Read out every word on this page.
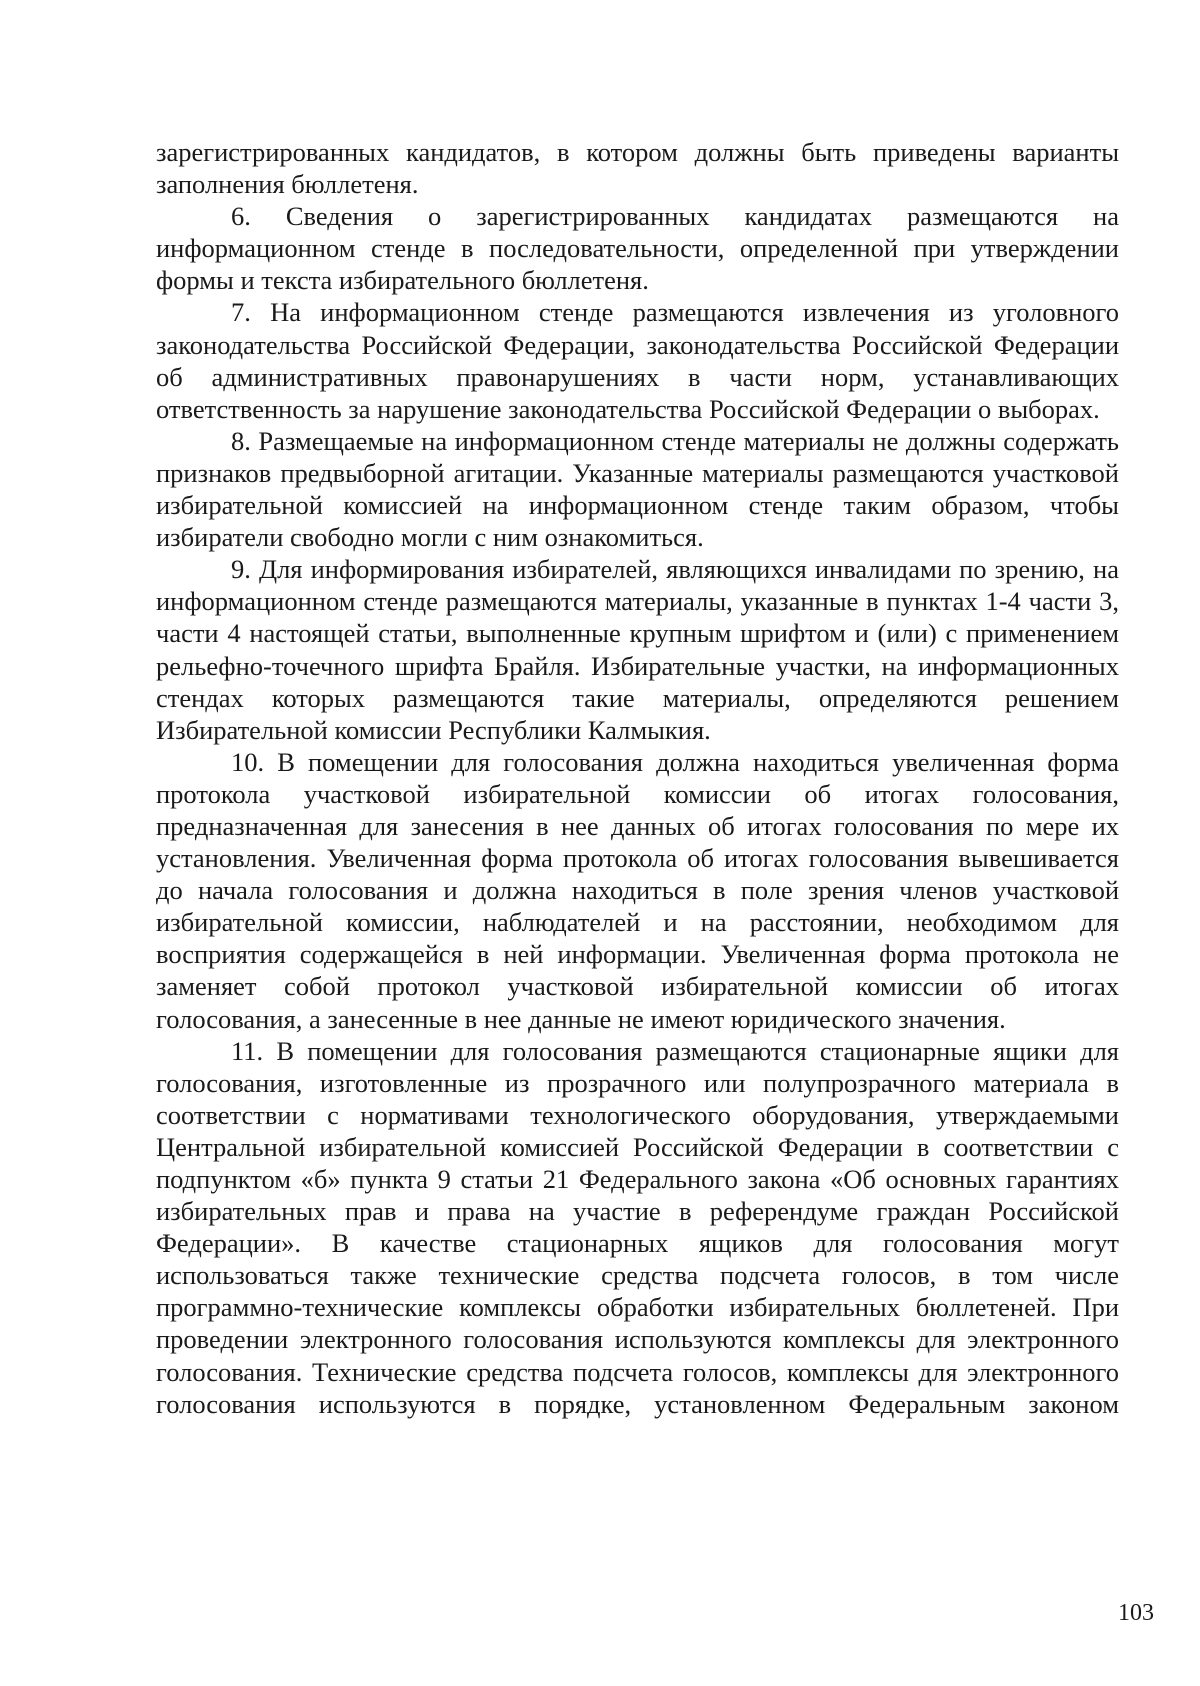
зарегистрированных кандидатов, в котором должны быть приведены варианты заполнения бюллетеня.

6. Сведения о зарегистрированных кандидатах размещаются на информационном стенде в последовательности, определенной при утверждении формы и текста избирательного бюллетеня.

7. На информационном стенде размещаются извлечения из уголовного законодательства Российской Федерации, законодательства Российской Федерации об административных правонарушениях в части норм, устанавливающих ответственность за нарушение законодательства Российской Федерации о выборах.

8. Размещаемые на информационном стенде материалы не должны содержать признаков предвыборной агитации. Указанные материалы размещаются участковой избирательной комиссией на информационном стенде таким образом, чтобы избиратели свободно могли с ним ознакомиться.

9. Для информирования избирателей, являющихся инвалидами по зрению, на информационном стенде размещаются материалы, указанные в пунктах 1-4 части 3, части 4 настоящей статьи, выполненные крупным шрифтом и (или) с применением рельефно-точечного шрифта Брайля. Избирательные участки, на информационных стендах которых размещаются такие материалы, определяются решением Избирательной комиссии Республики Калмыкия.

10. В помещении для голосования должна находиться увеличенная форма протокола участковой избирательной комиссии об итогах голосования, предназначенная для занесения в нее данных об итогах голосования по мере их установления. Увеличенная форма протокола об итогах голосования вывешивается до начала голосования и должна находиться в поле зрения членов участковой избирательной комиссии, наблюдателей и на расстоянии, необходимом для восприятия содержащейся в ней информации. Увеличенная форма протокола не заменяет собой протокол участковой избирательной комиссии об итогах голосования, а занесенные в нее данные не имеют юридического значения.

11. В помещении для голосования размещаются стационарные ящики для голосования, изготовленные из прозрачного или полупрозрачного материала в соответствии с нормативами технологического оборудования, утверждаемыми Центральной избирательной комиссией Российской Федерации в соответствии с подпунктом «б» пункта 9 статьи 21 Федерального закона «Об основных гарантиях избирательных прав и права на участие в референдуме граждан Российской Федерации». В качестве стационарных ящиков для голосования могут использоваться также технические средства подсчета голосов, в том числе программно-технические комплексы обработки избирательных бюллетеней. При проведении электронного голосования используются комплексы для электронного голосования. Технические средства подсчета голосов, комплексы для электронного голосования используются в порядке, установленном Федеральным законом

103
